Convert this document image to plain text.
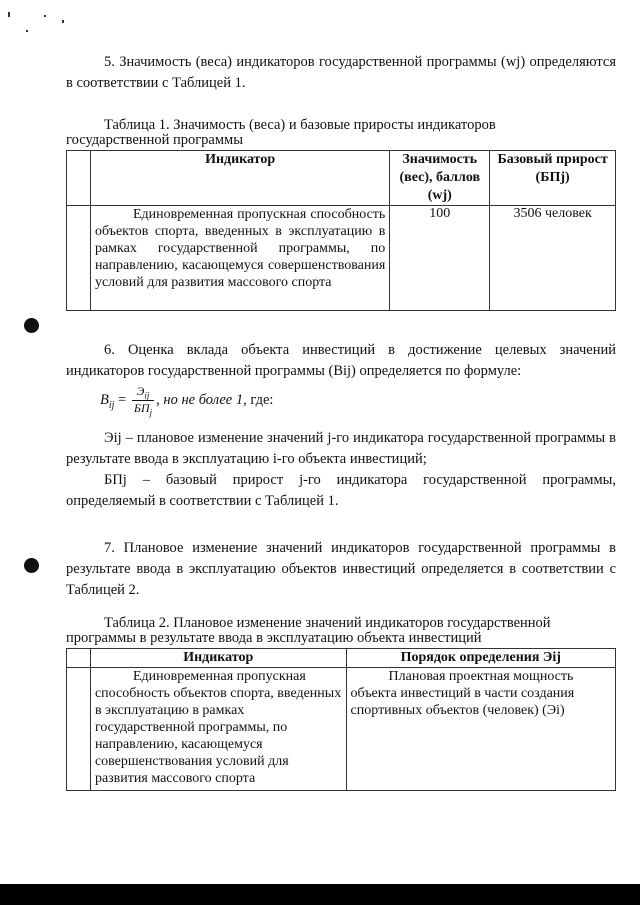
5. Значимость (веса) индикаторов государственной программы (wj) определяются в соответствии с Таблицей 1.

Таблица 1. Значимость (веса) и базовые приросты индикаторов государственной программы
	Индикатор	Значимость (вес), баллов (wj)	Базовый прирост (БПj)
	Единовременная пропускная способность объектов спорта, введенных в эксплуатацию в рамках государственной программы, по направлению, касающемуся совершенствования условий для развития массового спорта	100	3506 человек

6. Оценка вклада объекта инвестиций в достижение целевых значений индикаторов государственной программы (Bij) определяется по формуле:

$B_{ij} = \frac{Э_{ij}}{БП_j}$ , но не более 1, где:

Эij – плановое изменение значений j-го индикатора государственной программы в результате ввода в эксплуатацию i-го объекта инвестиций;

БПj – базовый прирост j-го индикатора государственной программы, определяемый в соответствии с Таблицей 1.

7. Плановое изменение значений индикаторов государственной программы в результате ввода в эксплуатацию объектов инвестиций определяется в соответствии с Таблицей 2.

Таблица 2. Плановое изменение значений индикаторов государственной программы в результате ввода в эксплуатацию объекта инвестиций
	Индикатор	Порядок определения Эij
	Единовременная пропускная способность объектов спорта, введенных в эксплуатацию в рамках государственной программы, по направлению, касающемуся совершенствования условий для развития массового спорта	Плановая проектная мощность объекта инвестиций в части создания спортивных объектов (человек) (Эi)
